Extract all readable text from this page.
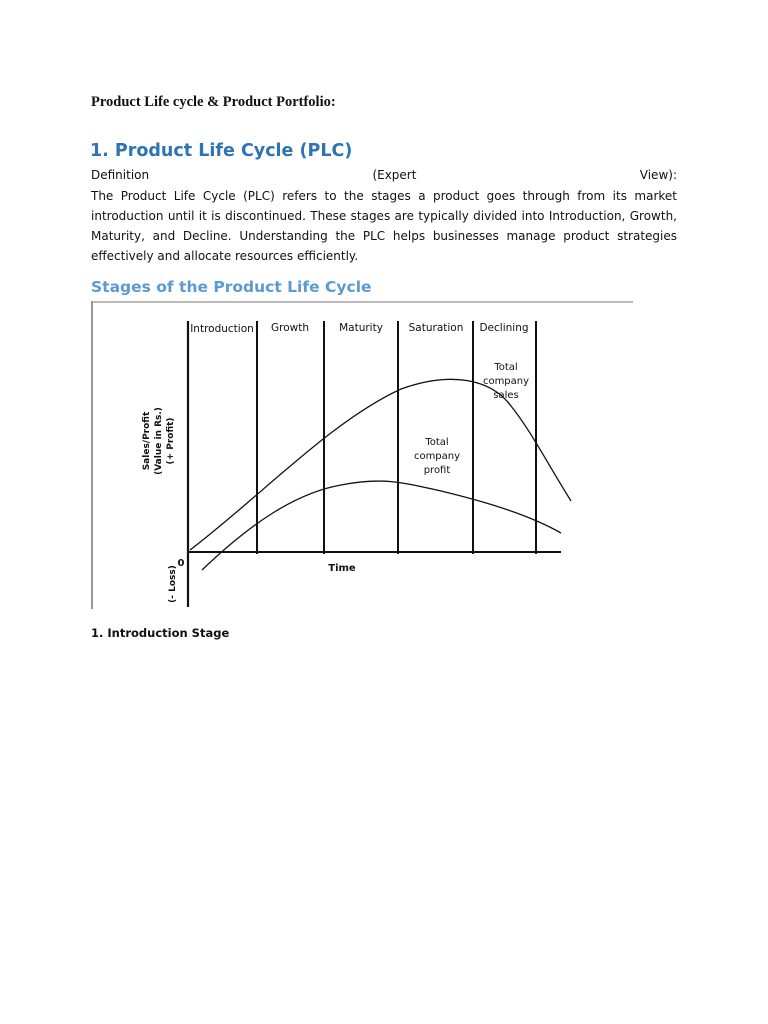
Product Life cycle & Product Portfolio:

1. Product Life Cycle (PLC)

Definition	(Expert	View):

The Product Life Cycle (PLC) refers to the stages a product goes through from its market introduction until it is discontinued. These stages are typically divided into Introduction, Growth, Maturity, and Decline. Understanding the PLC helps businesses manage product strategies effectively and allocate resources efficiently.

Stages of the Product Life Cycle

Introduction Growth	Maturity Saturation Declining
Total
company
sales
Total
company
profit
Sales/Profit (Value in Rs.) (+ Profit)
(- Loss)
0	Time

1. Introduction Stage
